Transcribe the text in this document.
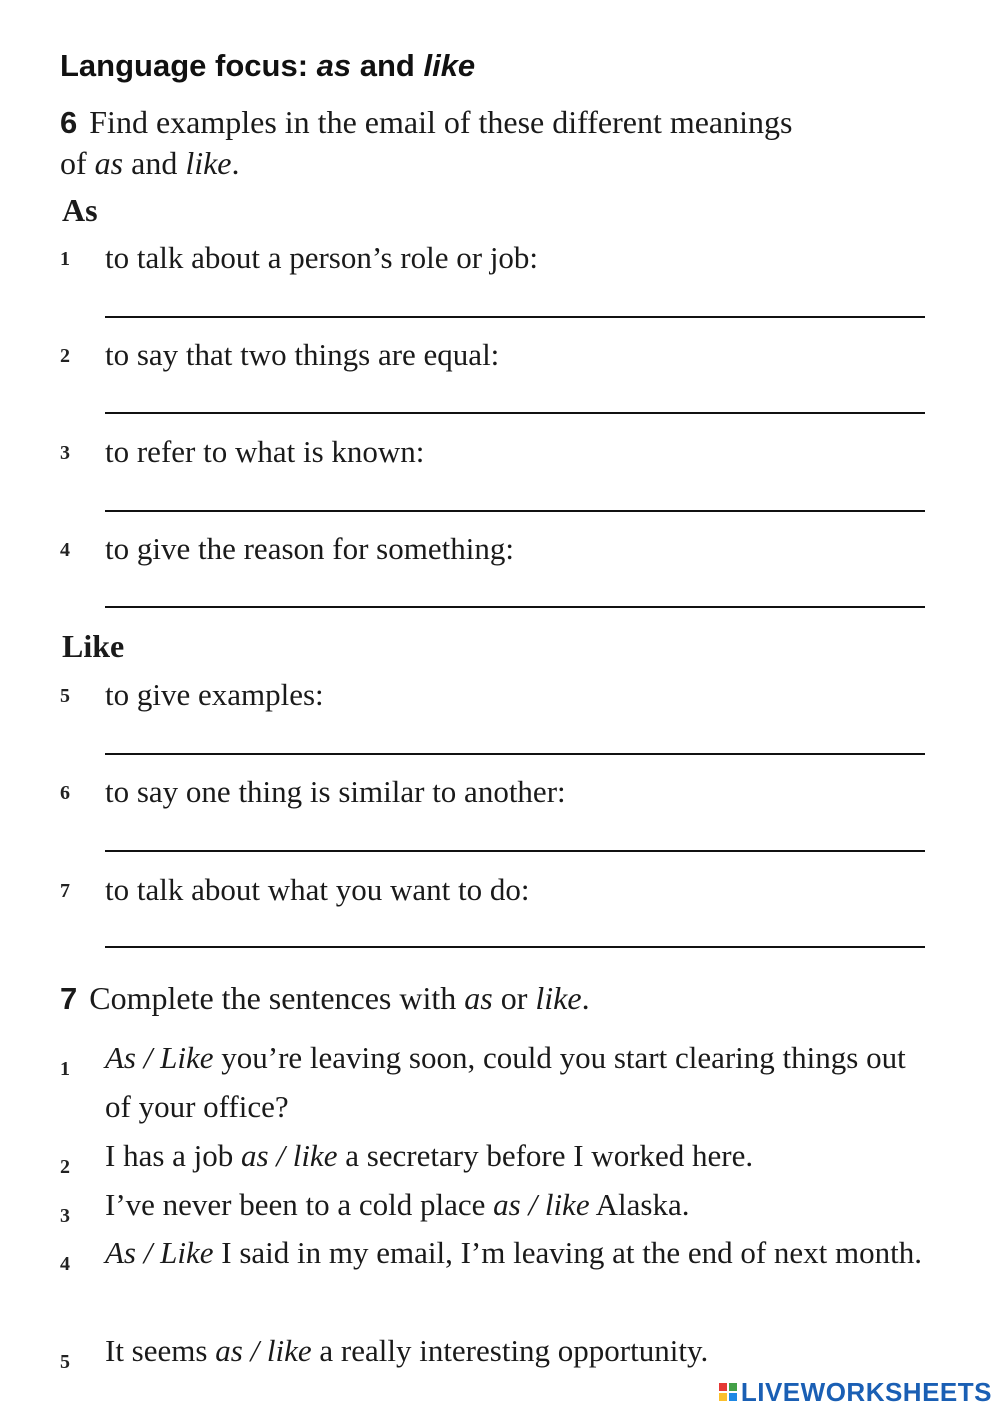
Language focus: as and like
6 Find examples in the email of these different meanings
of as and like.
As
1	to talk about a person’s role or job:
2	to say that two things are equal:
3	to refer to what is known:
4	to give the reason for something:
Like
5	to give examples:
6	to say one thing is similar to another:
7	to talk about what you want to do:
7 Complete the sentences with as or like.
1	As / Like you’re leaving soon, could you start clearing things out of your office?
2	I has a job as / like a secretary before I worked here.
3	I’ve never been to a cold place as / like Alaska.
4	As / Like I said in my email, I’m leaving at the end of next month.
5	It seems as / like a really interesting opportunity.
LIVEWORKSHEETS
